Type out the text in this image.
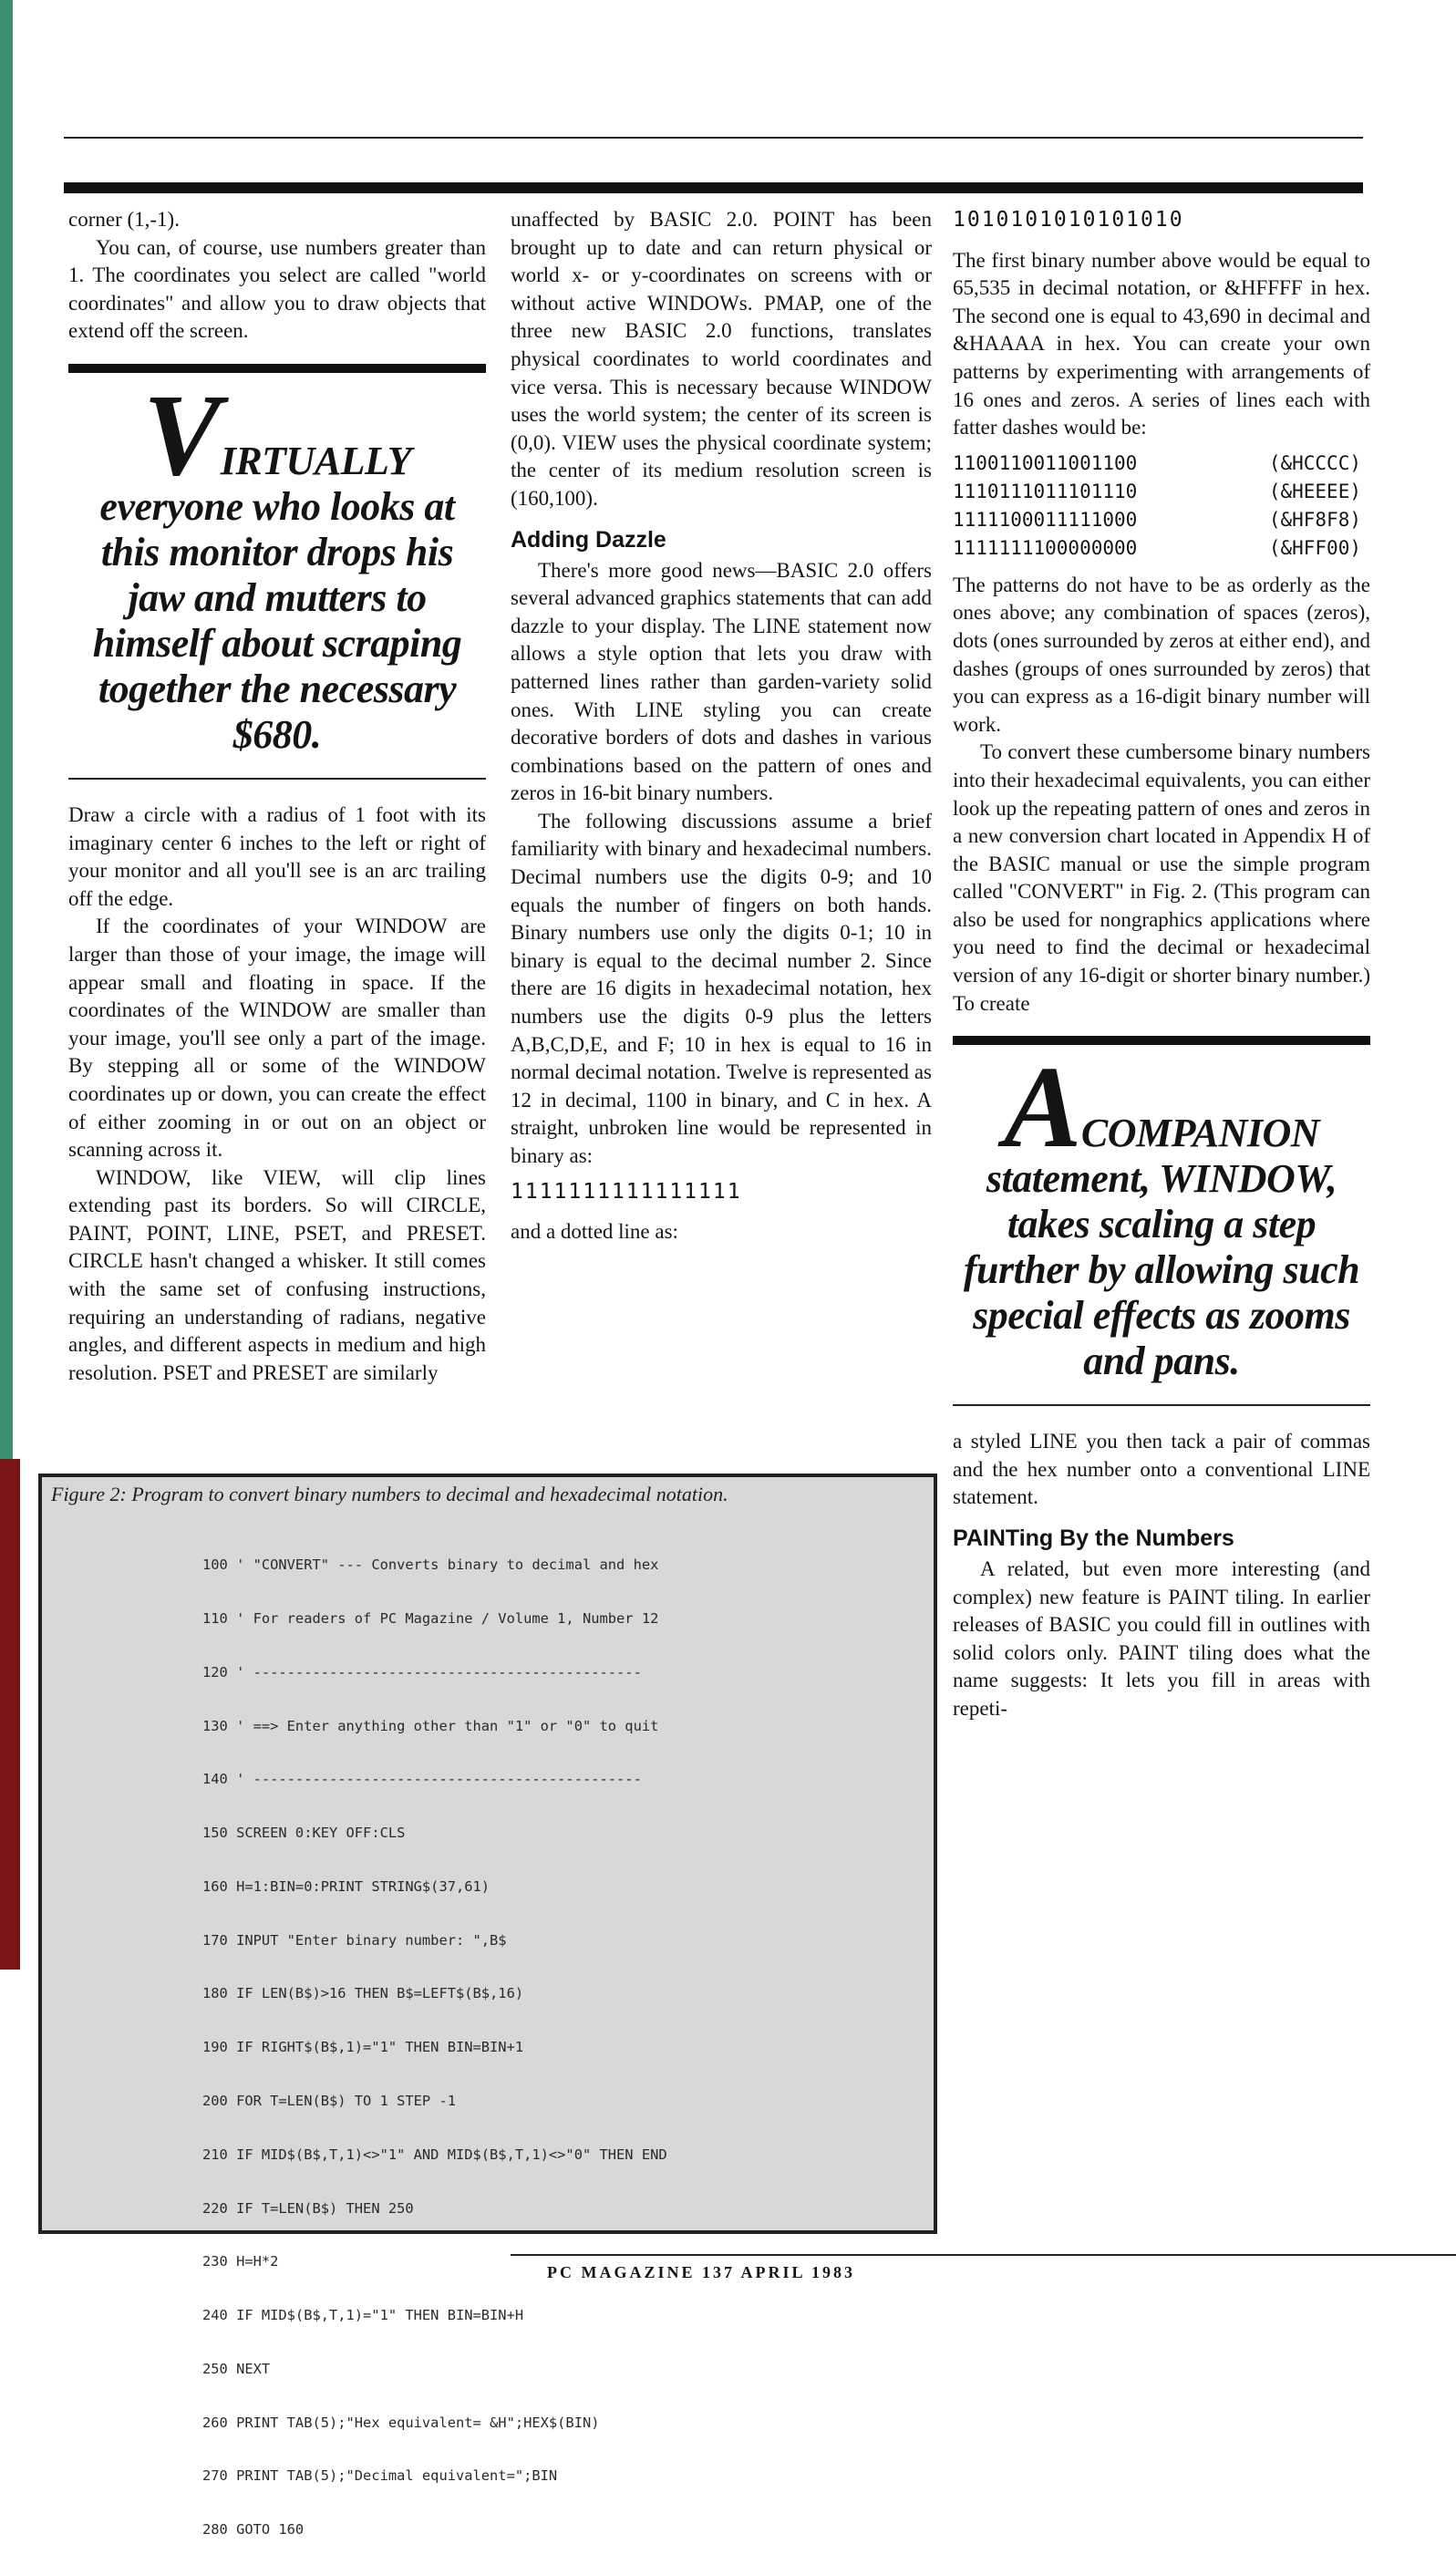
corner (1,-1).

You can, of course, use numbers greater than 1. The coordinates you select are called "world coordinates" and allow you to draw objects that extend off the screen.

VIRTUALLY
everyone who looks at this monitor drops his jaw and mutters to himself about scraping together the necessary $680.

Draw a circle with a radius of 1 foot with its imaginary center 6 inches to the left or right of your monitor and all you'll see is an arc trailing off the edge.

If the coordinates of your WINDOW are larger than those of your image, the image will appear small and floating in space. If the coordinates of the WINDOW are smaller than your image, you'll see only a part of the image. By stepping all or some of the WINDOW coordinates up or down, you can create the effect of either zooming in or out on an object or scanning across it.

WINDOW, like VIEW, will clip lines extending past its borders. So will CIRCLE, PAINT, POINT, LINE, PSET, and PRESET. CIRCLE hasn't changed a whisker. It still comes with the same set of confusing instructions, requiring an understanding of radians, negative angles, and different aspects in medium and high resolution. PSET and PRESET are similarly

unaffected by BASIC 2.0. POINT has been brought up to date and can return physical or world x- or y-coordinates on screens with or without active WINDOWs. PMAP, one of the three new BASIC 2.0 functions, translates physical coordinates to world coordinates and vice versa. This is necessary because WINDOW uses the world system; the center of its screen is (0,0). VIEW uses the physical coordinate system; the center of its medium resolution screen is (160,100).

Adding Dazzle

There's more good news—BASIC 2.0 offers several advanced graphics statements that can add dazzle to your display. The LINE statement now allows a style option that lets you draw with patterned lines rather than garden-variety solid ones. With LINE styling you can create decorative borders of dots and dashes in various combinations based on the pattern of ones and zeros in 16-bit binary numbers.

The following discussions assume a brief familiarity with binary and hexadecimal numbers. Decimal numbers use the digits 0-9; and 10 equals the number of fingers on both hands. Binary numbers use only the digits 0-1; 10 in binary is equal to the decimal number 2. Since there are 16 digits in hexadecimal notation, hex numbers use the digits 0-9 plus the letters A,B,C,D,E, and F; 10 in hex is equal to 16 in normal decimal notation. Twelve is represented as 12 in decimal, 1100 in binary, and C in hex. A straight, unbroken line would be represented in binary as:

1111111111111111

and a dotted line as:

1010101010101010

The first binary number above would be equal to 65,535 in decimal notation, or &HFFFF in hex. The second one is equal to 43,690 in decimal and &HAAAA in hex. You can create your own patterns by experimenting with arrangements of 16 ones and zeros. A series of lines each with fatter dashes would be:

1100110011001100	(&HCCCC)
1110111011101110	(&HEEEE)
1111100011111000	(&HF8F8)
1111111100000000	(&HFF00)

The patterns do not have to be as orderly as the ones above; any combination of spaces (zeros), dots (ones surrounded by zeros at either end), and dashes (groups of ones surrounded by zeros) that you can express as a 16-digit binary number will work.

To convert these cumbersome binary numbers into their hexadecimal equivalents, you can either look up the repeating pattern of ones and zeros in a new conversion chart located in Appendix H of the BASIC manual or use the simple program called "CONVERT" in Fig. 2. (This program can also be used for nongraphics applications where you need to find the decimal or hexadecimal version of any 16-digit or shorter binary number.) To create

ACOMPANION
statement, WINDOW, takes scaling a step further by allowing such special effects as zooms and pans.

a styled LINE you then tack a pair of commas and the hex number onto a conventional LINE statement.

PAINTing By the Numbers

A related, but even more interesting (and complex) new feature is PAINT tiling. In earlier releases of BASIC you could fill in outlines with solid colors only. PAINT tiling does what the name suggests: It lets you fill in areas with repeti-

Figure 2: Program to convert binary numbers to decimal and hexadecimal notation.

100 ' "CONVERT" --- Converts binary to decimal and hex

110 ' For readers of PC Magazine / Volume 1, Number 12

120 ' ----------------------------------------------

130 ' ==> Enter anything other than "1" or "0" to quit

140 ' ----------------------------------------------

150 SCREEN 0:KEY OFF:CLS

160 H=1:BIN=0:PRINT STRING$(37,61)

170 INPUT "Enter binary number: ",B$

180 IF LEN(B$)>16 THEN B$=LEFT$(B$,16)

190 IF RIGHT$(B$,1)="1" THEN BIN=BIN+1

200 FOR T=LEN(B$) TO 1 STEP -1

210 IF MID$(B$,T,1)<>"1" AND MID$(B$,T,1)<>"0" THEN END

220 IF T=LEN(B$) THEN 250

230 H=H*2

240 IF MID$(B$,T,1)="1" THEN BIN=BIN+H

250 NEXT

260 PRINT TAB(5);"Hex equivalent= &H";HEX$(BIN)

270 PRINT TAB(5);"Decimal equivalent=";BIN

280 GOTO 160

PC MAGAZINE 137 APRIL 1983
